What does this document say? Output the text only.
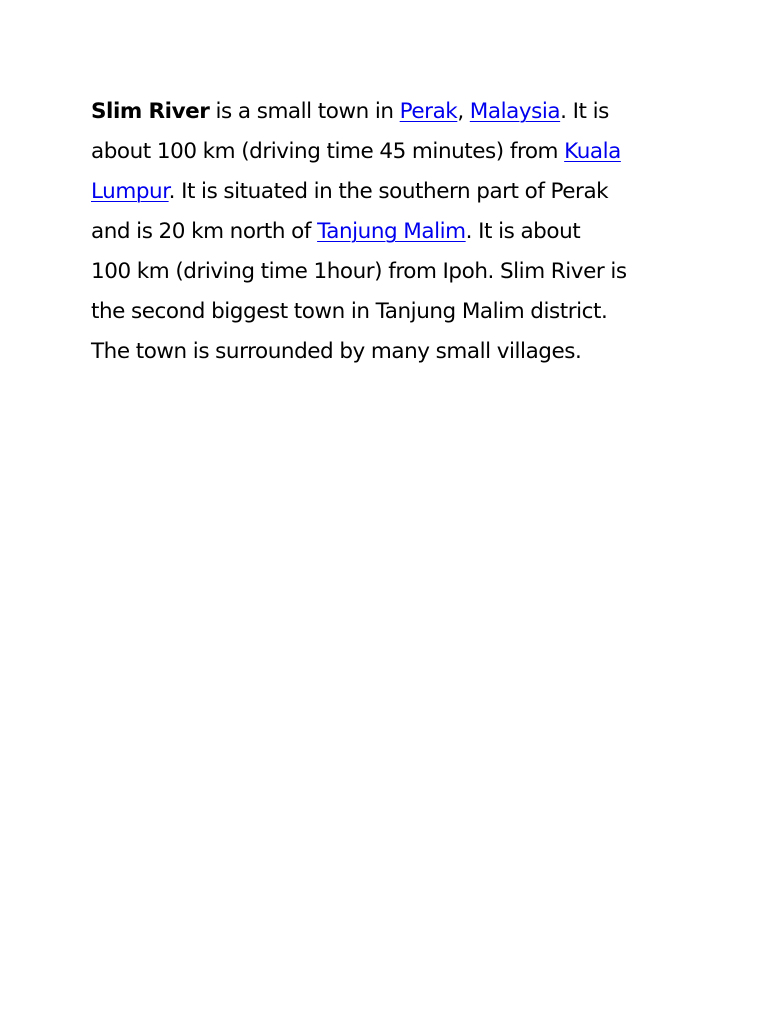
Slim River is a small town in Perak, Malaysia. It is
about 100 km (driving time 45 minutes) from Kuala
Lumpur. It is situated in the southern part of Perak
and is 20 km north of Tanjung Malim. It is about
100 km (driving time 1hour) from Ipoh. Slim River is
the second biggest town in Tanjung Malim district.
The town is surrounded by many small villages.
